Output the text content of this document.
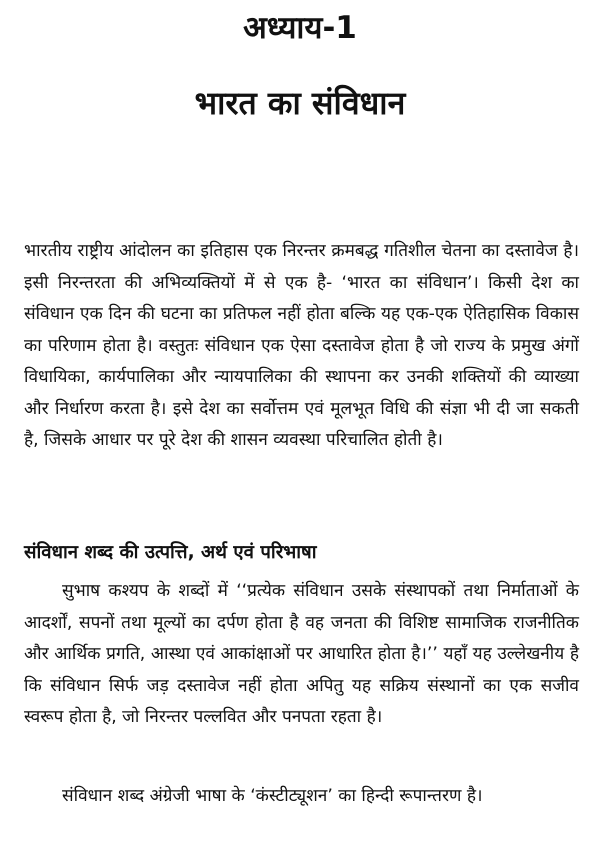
अध्याय-1
भारत का संविधान

भारतीय राष्ट्रीय आंदोलन का इतिहास एक निरन्तर क्रमबद्ध गतिशील चेतना का दस्तावेज है। इसी निरन्तरता की अभिव्यक्तियों में से एक है- ‘भारत का संविधान’। किसी देश का संविधान एक दिन की घटना का प्रतिफल नहीं होता बल्कि यह एक-एक ऐतिहासिक विकास का परिणाम होता है। वस्तुतः संविधान एक ऐसा दस्तावेज होता है जो राज्य के प्रमुख अंगों विधायिका, कार्यपालिका और न्यायपालिका की स्थापना कर उनकी शक्तियों की व्याख्या और निर्धारण करता है। इसे देश का सर्वोत्तम एवं मूलभूत विधि की संज्ञा भी दी जा सकती है, जिसके आधार पर पूरे देश की शासन व्यवस्था परिचालित होती है।

संविधान शब्द की उत्पत्ति, अर्थ एवं परिभाषा

सुभाष कश्यप के शब्दों में ‘‘प्रत्येक संविधान उसके संस्थापकों तथा निर्माताओं के आदर्शों, सपनों तथा मूल्यों का दर्पण होता है वह जनता की विशिष्ट सामाजिक राजनीतिक और आर्थिक प्रगति, आस्था एवं आकांक्षाओं पर आधारित होता है।’’ यहाँ यह उल्लेखनीय है कि संविधान सिर्फ जड़ दस्तावेज नहीं होता अपितु यह सक्रिय संस्थानों का एक सजीव स्वरूप होता है, जो निरन्तर पल्लवित और पनपता रहता है।

संविधान शब्द अंग्रेजी भाषा के ‘कंस्टीट्यूशन’ का हिन्दी रूपान्तरण है।
